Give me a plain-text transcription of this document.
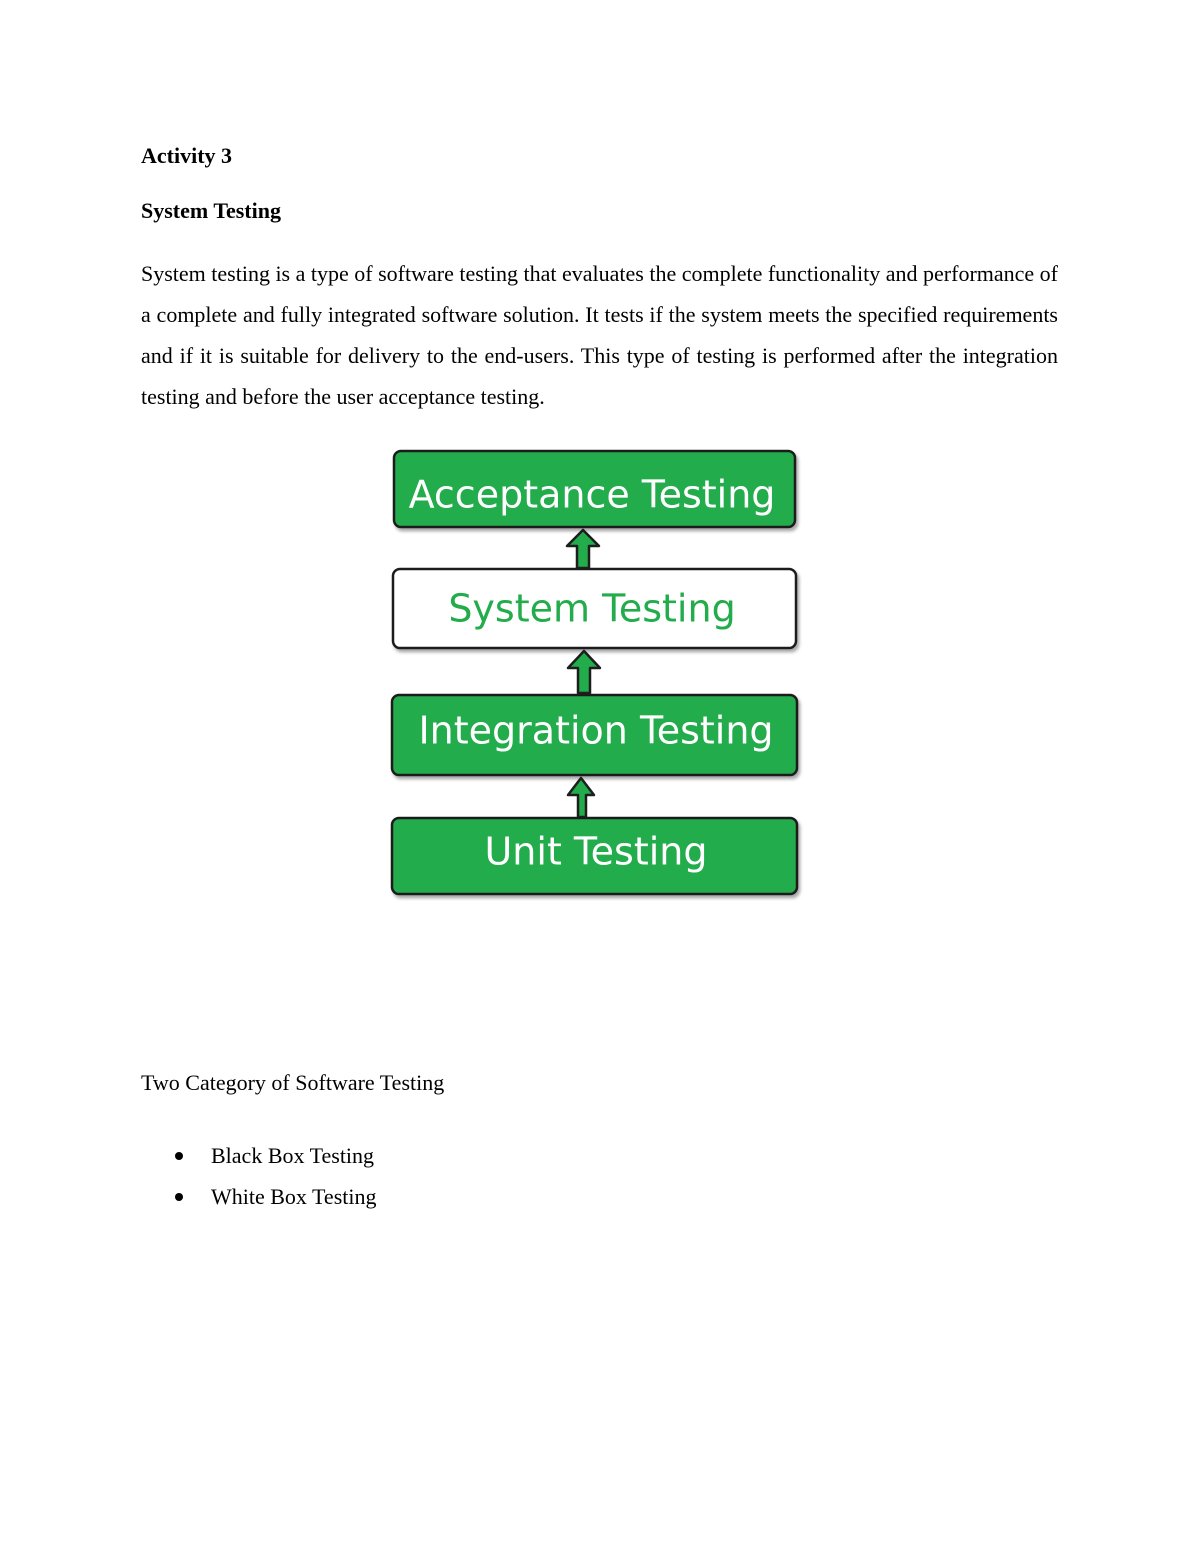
Activity 3
System Testing

System testing is a type of software testing that evaluates the complete functionality and performance of a complete and fully integrated software solution. It tests if the system meets the specified requirements and if it is suitable for delivery to the end-users. This type of testing is performed after the integration testing and before the user acceptance testing.

Acceptance Testing
System Testing
Integration Testing
Unit Testing

Two Category of Software Testing

Black Box Testing
White Box Testing
